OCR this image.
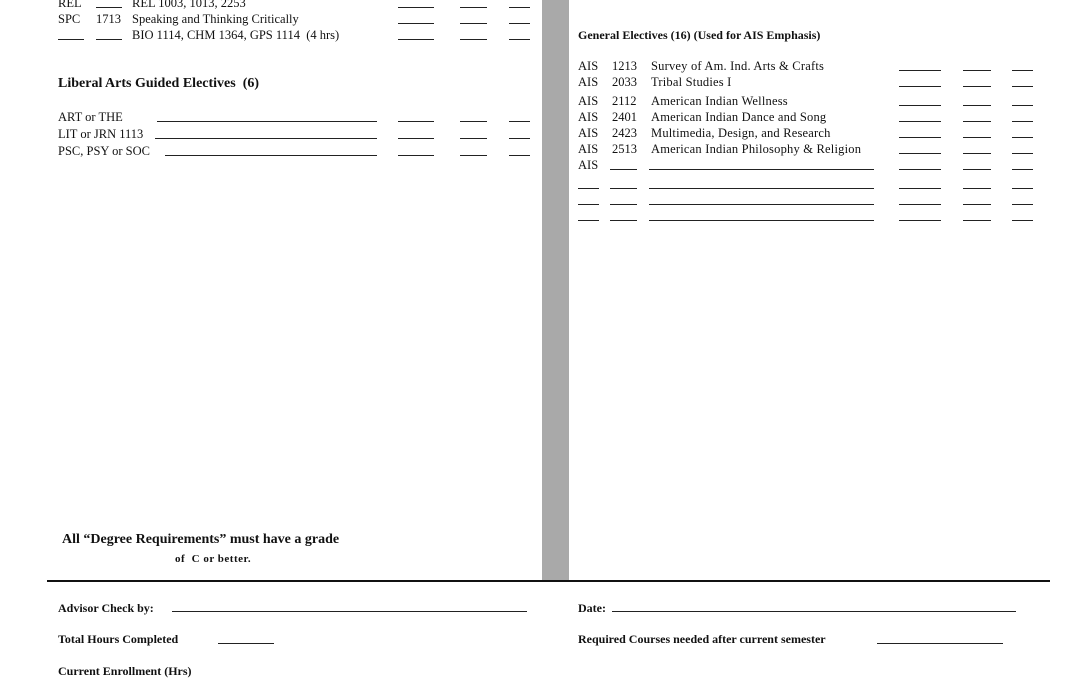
Liberal Arts Guided Electives  (6)
General Electives (16) (Used for AIS Emphasis)
All “Degree Requirements” must have a grade
of  C or better.
Advisor Check by:	Date:
Total Hours Completed	Required Courses needed after current semester
Current Enrollment (Hrs)
REL	REL 1003, 1013, 2253
SPC 1713 Speaking and Thinking Critically
BIO 1114, CHM 1364, GPS 1114  (4 hrs)
ART or THE
LIT or JRN 1113
PSC, PSY or SOC
AIS 1213 Survey of Am. Ind. Arts & Crafts
AIS 2033 Tribal Studies I
AIS 2112 American Indian Wellness
AIS 2401 American Indian Dance and Song
AIS 2423 Multimedia, Design, and Research
AIS 2513 American Indian Philosophy & Religion
AIS
